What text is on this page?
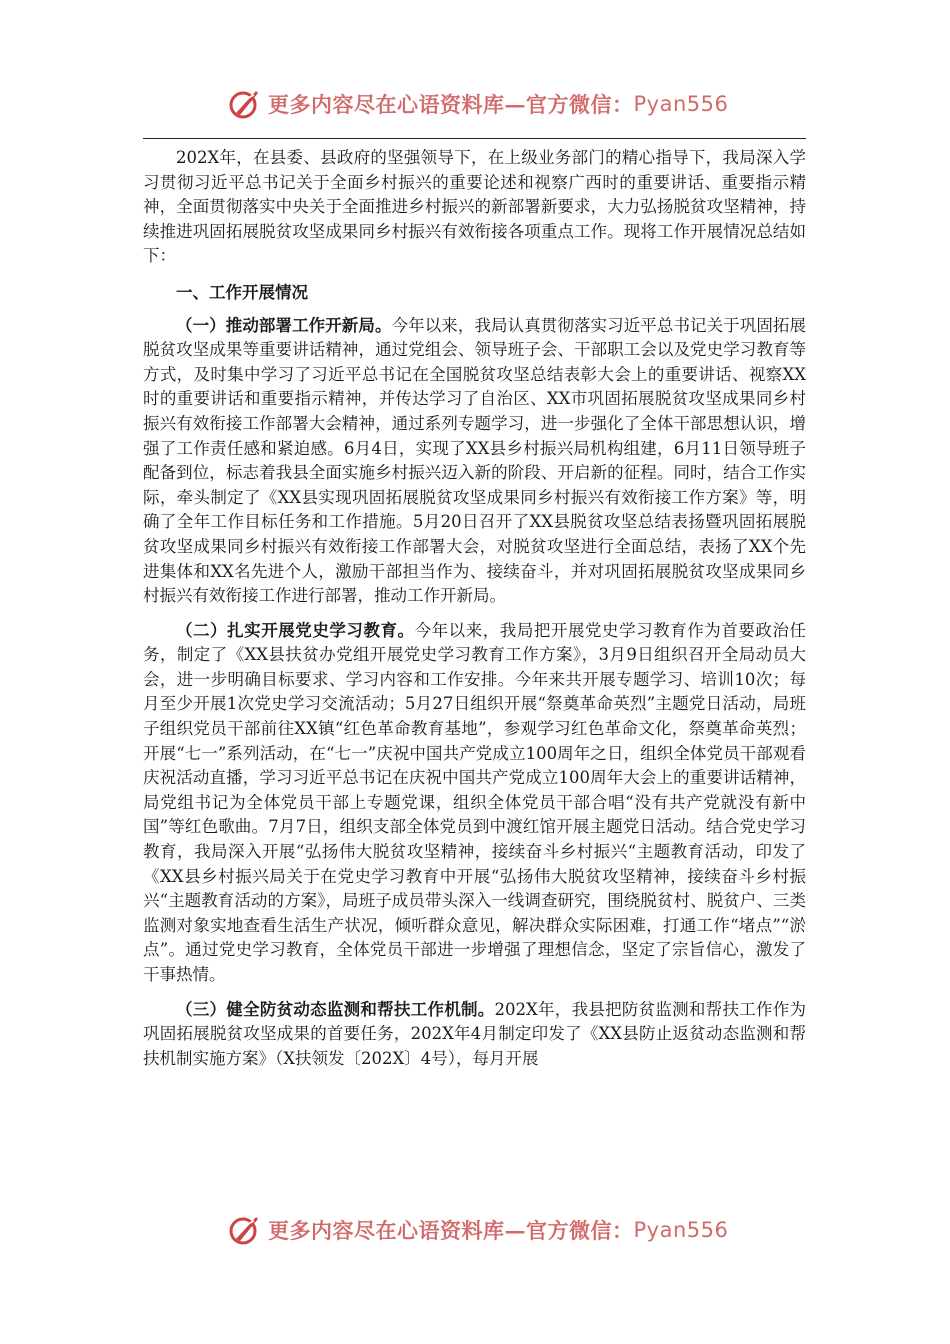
更多内容尽在心语资料库—官方微信： Pyan556

202X年，在县委、县政府的坚强领导下，在上级业务部门的精心指导下，我局深入学习贯彻习近平总书记关于全面乡村振兴的重要论述和视察广西时的重要讲话、重要指示精神，全面贯彻落实中央关于全面推进乡村振兴的新部署新要求，大力弘扬脱贫攻坚精神，持续推进巩固拓展脱贫攻坚成果同乡村振兴有效衔接各项重点工作。现将工作开展情况总结如下：

一、工作开展情况

（一）推动部署工作开新局。今年以来，我局认真贯彻落实习近平总书记关于巩固拓展脱贫攻坚成果等重要讲话精神，通过党组会、领导班子会、干部职工会以及党史学习教育等方式，及时集中学习了习近平总书记在全国脱贫攻坚总结表彰大会上的重要讲话、视察XX时的重要讲话和重要指示精神，并传达学习了自治区、XX市巩固拓展脱贫攻坚成果同乡村振兴有效衔接工作部署大会精神，通过系列专题学习，进一步强化了全体干部思想认识，增强了工作责任感和紧迫感。6月4日，实现了XX县乡村振兴局机构组建，6月11日领导班子配备到位，标志着我县全面实施乡村振兴迈入新的阶段、开启新的征程。同时，结合工作实际，牵头制定了《XX县实现巩固拓展脱贫攻坚成果同乡村振兴有效衔接工作方案》等，明确了全年工作目标任务和工作措施。5月20日召开了XX县脱贫攻坚总结表扬暨巩固拓展脱贫攻坚成果同乡村振兴有效衔接工作部署大会，对脱贫攻坚进行全面总结，表扬了XX个先进集体和XX名先进个人，激励干部担当作为、接续奋斗，并对巩固拓展脱贫攻坚成果同乡村振兴有效衔接工作进行部署，推动工作开新局。

（二）扎实开展党史学习教育。今年以来，我局把开展党史学习教育作为首要政治任务，制定了《XX县扶贫办党组开展党史学习教育工作方案》，3月9日组织召开全局动员大会，进一步明确目标要求、学习内容和工作安排。今年来共开展专题学习、培训10次；每月至少开展1次党史学习交流活动；5月27日组织开展“祭奠革命英烈”主题党日活动，局班子组织党员干部前往XX镇“红色革命教育基地”，参观学习红色革命文化，祭奠革命英烈；开展“七一”系列活动，在“七一”庆祝中国共产党成立100周年之日，组织全体党员干部观看庆祝活动直播，学习习近平总书记在庆祝中国共产党成立100周年大会上的重要讲话精神，局党组书记为全体党员干部上专题党课，组织全体党员干部合唱“没有共产党就没有新中国”等红色歌曲。7月7日，组织支部全体党员到中渡红馆开展主题党日活动。结合党史学习教育，我局深入开展“弘扬伟大脱贫攻坚精神，接续奋斗乡村振兴“主题教育活动，印发了《XX县乡村振兴局关于在党史学习教育中开展“弘扬伟大脱贫攻坚精神，接续奋斗乡村振兴“主题教育活动的方案》，局班子成员带头深入一线调查研究，围绕脱贫村、脱贫户、三类监测对象实地查看生活生产状况，倾听群众意见，解决群众实际困难，打通工作“堵点”“淤点”。通过党史学习教育，全体党员干部进一步增强了理想信念，坚定了宗旨信心，激发了干事热情。

（三）健全防贫动态监测和帮扶工作机制。202X年，我县把防贫监测和帮扶工作作为巩固拓展脱贫攻坚成果的首要任务，202X年4月制定印发了《XX县防止返贫动态监测和帮扶机制实施方案》（X扶领发〔202X〕4号），每月开展

更多内容尽在心语资料库—官方微信： Pyan556
